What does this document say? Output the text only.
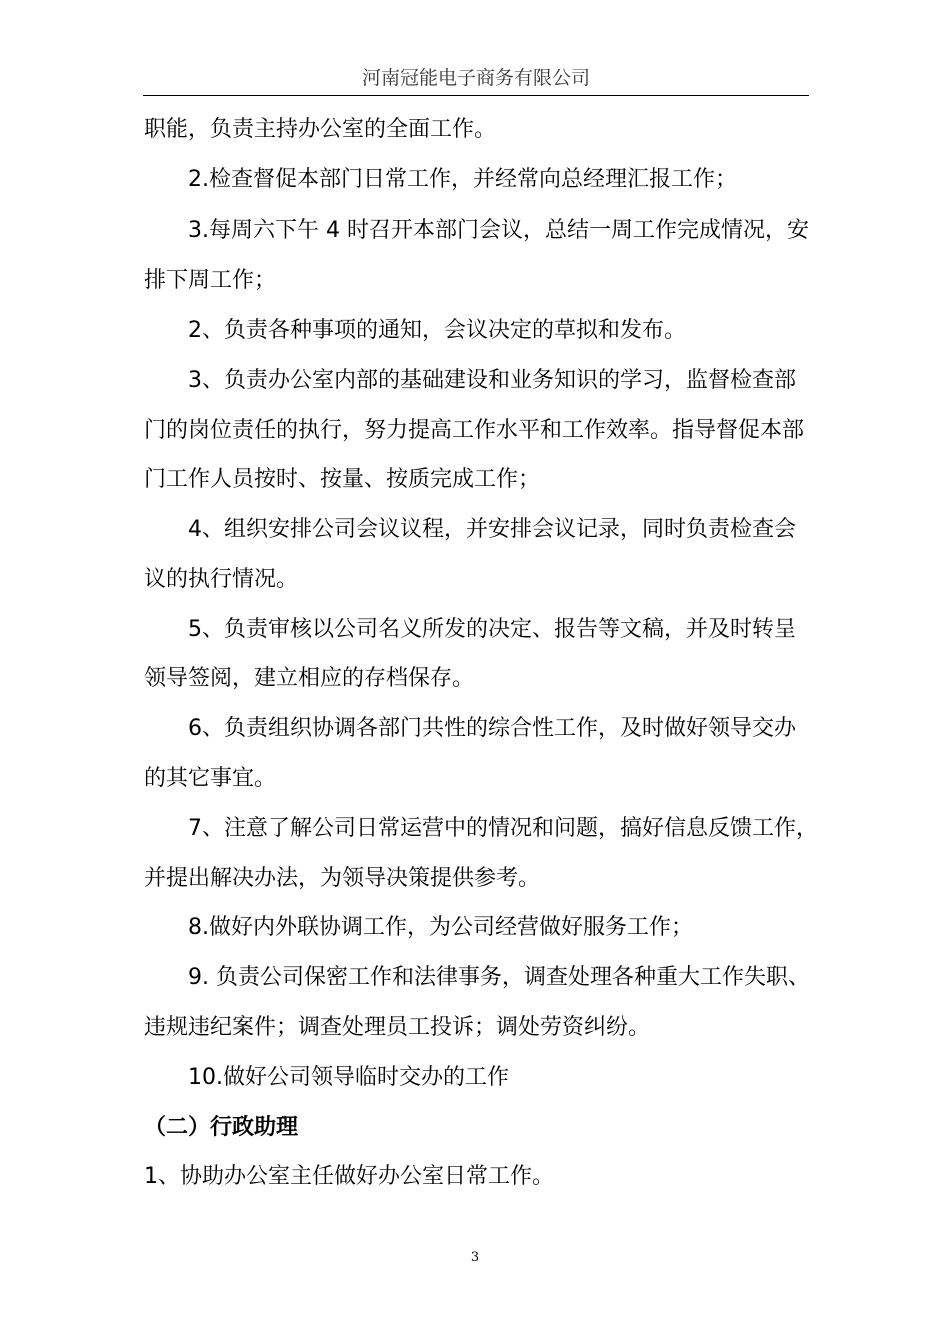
河南冠能电子商务有限公司
职能，负责主持办公室的全面工作。
2.检查督促本部门日常工作，并经常向总经理汇报工作；
3.每周六下午 4 时召开本部门会议，总结一周工作完成情况，安
排下周工作；
2、负责各种事项的通知，会议决定的草拟和发布。
3、负责办公室内部的基础建设和业务知识的学习，监督检查部
门的岗位责任的执行，努力提高工作水平和工作效率。指导督促本部
门工作人员按时、按量、按质完成工作；
4、组织安排公司会议议程，并安排会议记录，同时负责检查会
议的执行情况。
5、负责审核以公司名义所发的决定、报告等文稿，并及时转呈
领导签阅，建立相应的存档保存。
6、负责组织协调各部门共性的综合性工作，及时做好领导交办
的其它事宜。
7、注意了解公司日常运营中的情况和问题，搞好信息反馈工作，
并提出解决办法，为领导决策提供参考。
8.做好内外联协调工作，为公司经营做好服务工作；
9. 负责公司保密工作和法律事务，调查处理各种重大工作失职、
违规违纪案件；调查处理员工投诉；调处劳资纠纷。
10.做好公司领导临时交办的工作
（二）行政助理
1、协助办公室主任做好办公室日常工作。
3
